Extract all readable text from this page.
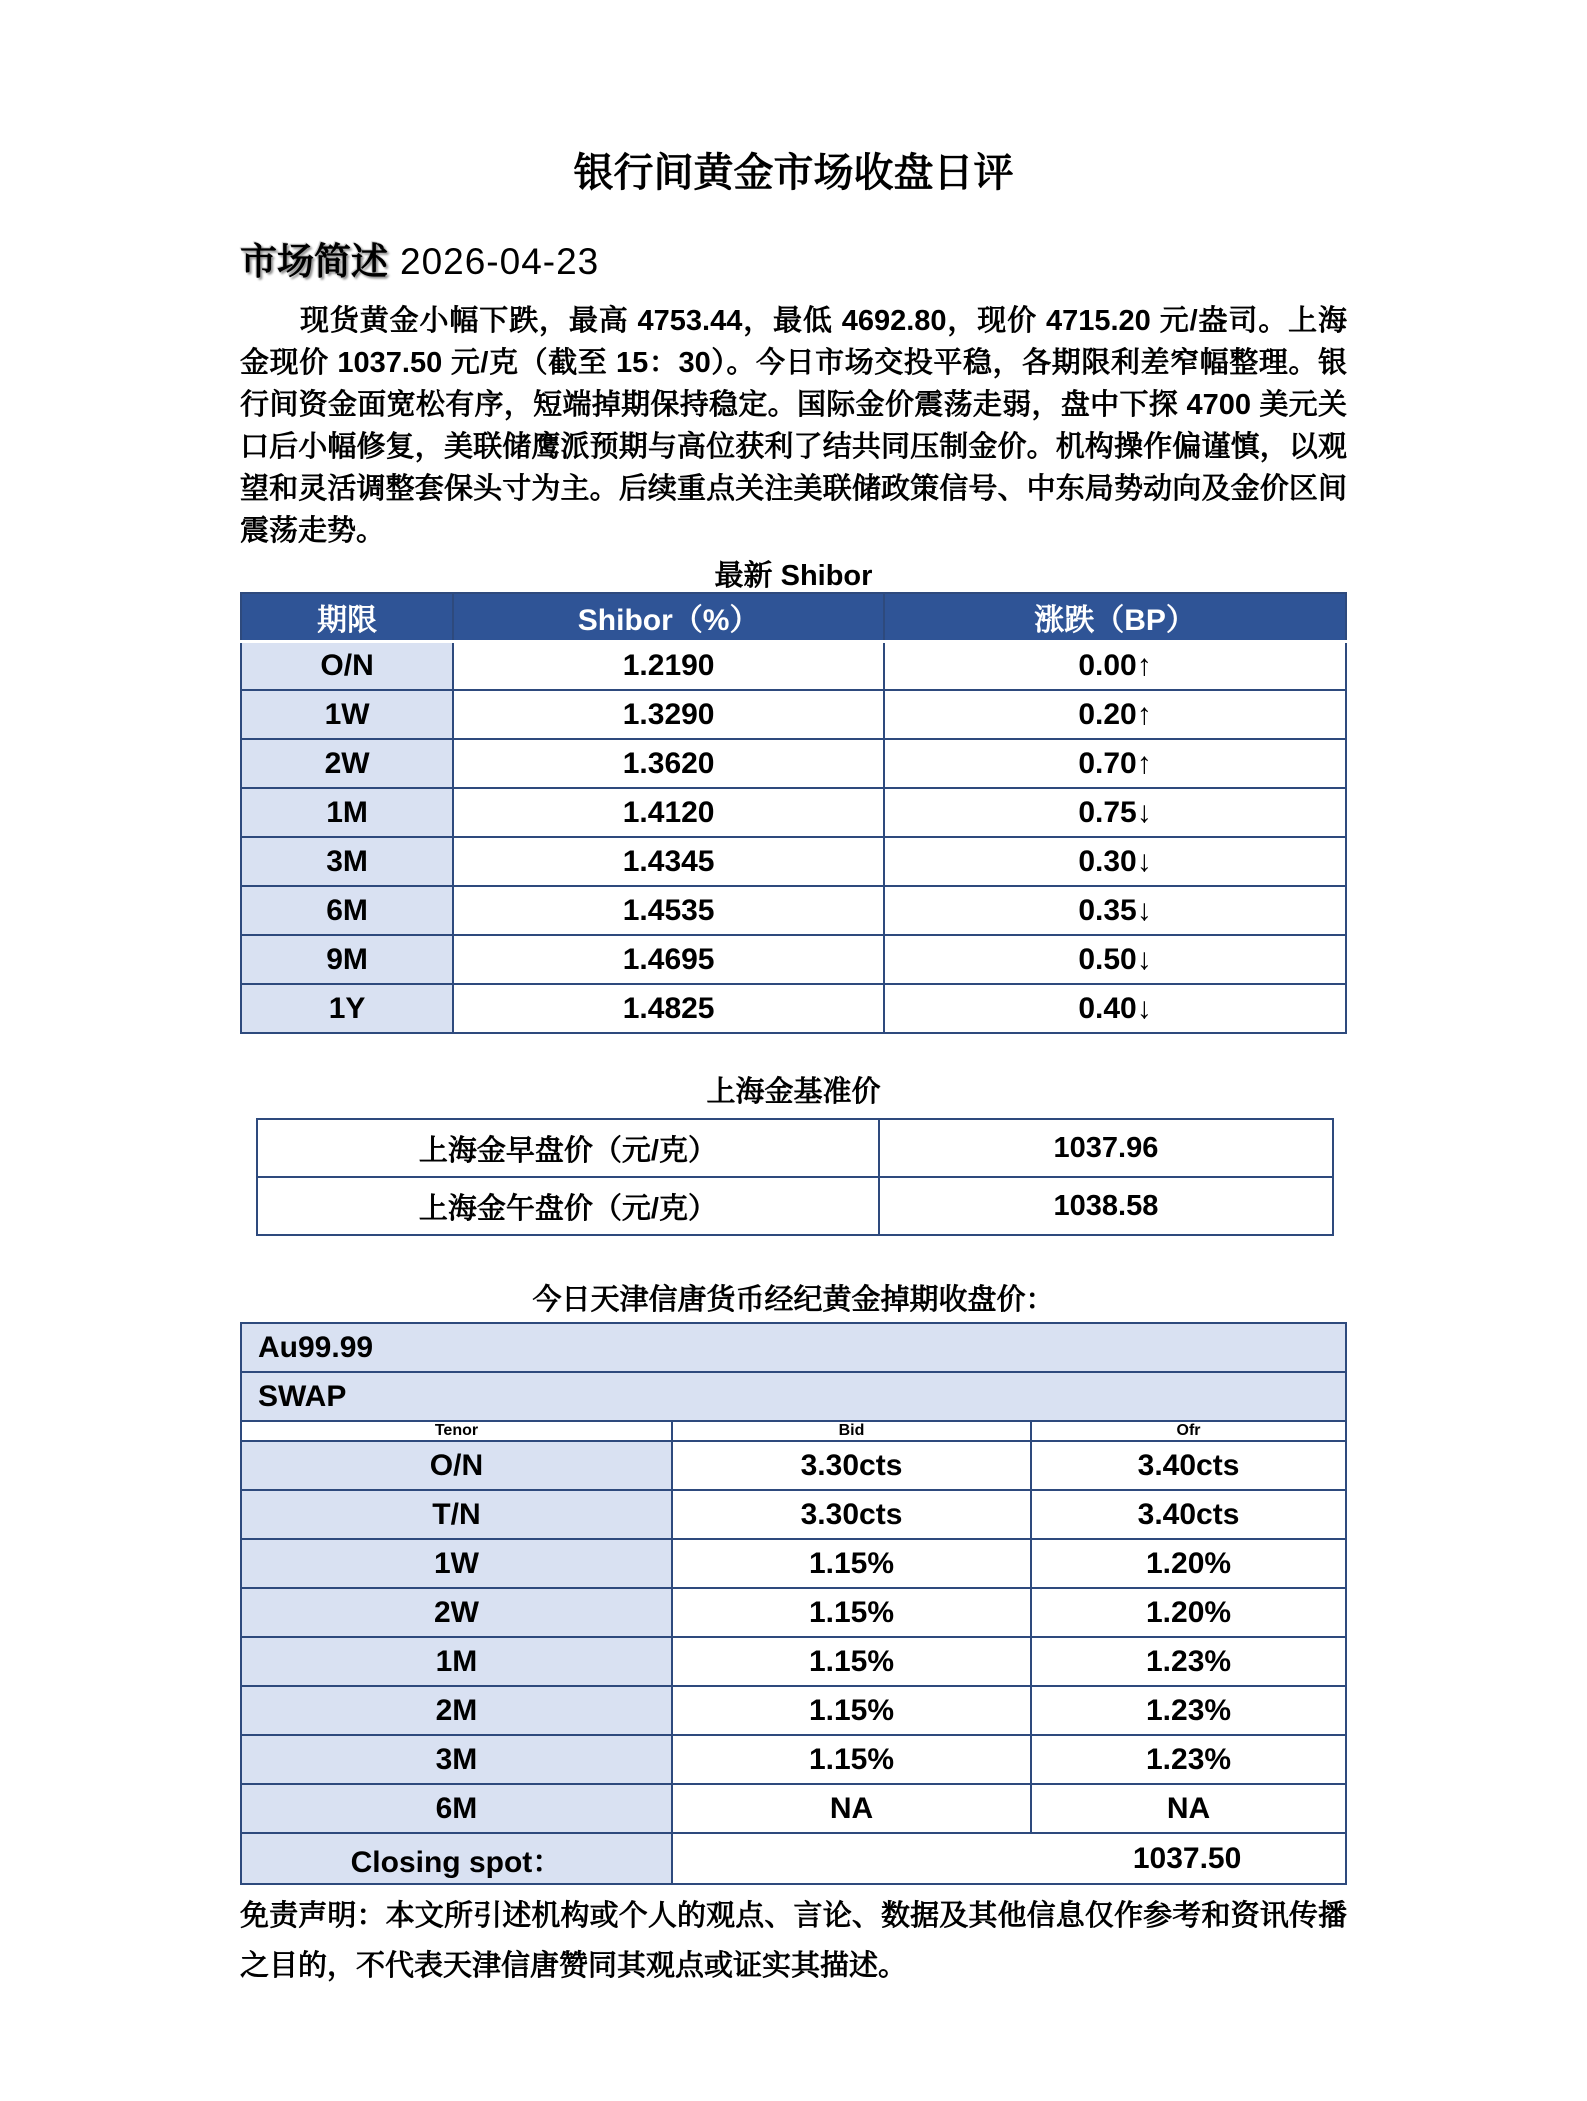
银行间黄金市场收盘日评
市场简述 2026-04-23
现货黄金小幅下跌，最高 4753.44，最低 4692.80，现价 4715.20 元/盎司。上海金现价 1037.50 元/克（截至 15：30）。今日市场交投平稳，各期限利差窄幅整理。银行间资金面宽松有序，短端掉期保持稳定。国际金价震荡走弱，盘中下探 4700 美元关口后小幅修复，美联储鹰派预期与高位获利了结共同压制金价。机构操作偏谨慎，以观望和灵活调整套保头寸为主。后续重点关注美联储政策信号、中东局势动向及金价区间震荡走势。
最新 Shibor
期限	Shibor（%）	涨跌（BP）
O/N	1.2190	0.00↑
1W	1.3290	0.20↑
2W	1.3620	0.70↑
1M	1.4120	0.75↓
3M	1.4345	0.30↓
6M	1.4535	0.35↓
9M	1.4695	0.50↓
1Y	1.4825	0.40↓
上海金基准价
上海金早盘价（元/克）	1037.96
上海金午盘价（元/克）	1038.58
今日天津信唐货币经纪黄金掉期收盘价：
Au99.99		
SWAP		
Tenor	Bid	Ofr
O/N	3.30cts	3.40cts
T/N	3.30cts	3.40cts
1W	1.15%	1.20%
2W	1.15%	1.20%
1M	1.15%	1.23%
2M	1.15%	1.23%
3M	1.15%	1.23%
6M	NA	NA
Closing spot：	1037.50	
免责声明：本文所引述机构或个人的观点、言论、数据及其他信息仅作参考和资讯传播之目的，不代表天津信唐赞同其观点或证实其描述。
